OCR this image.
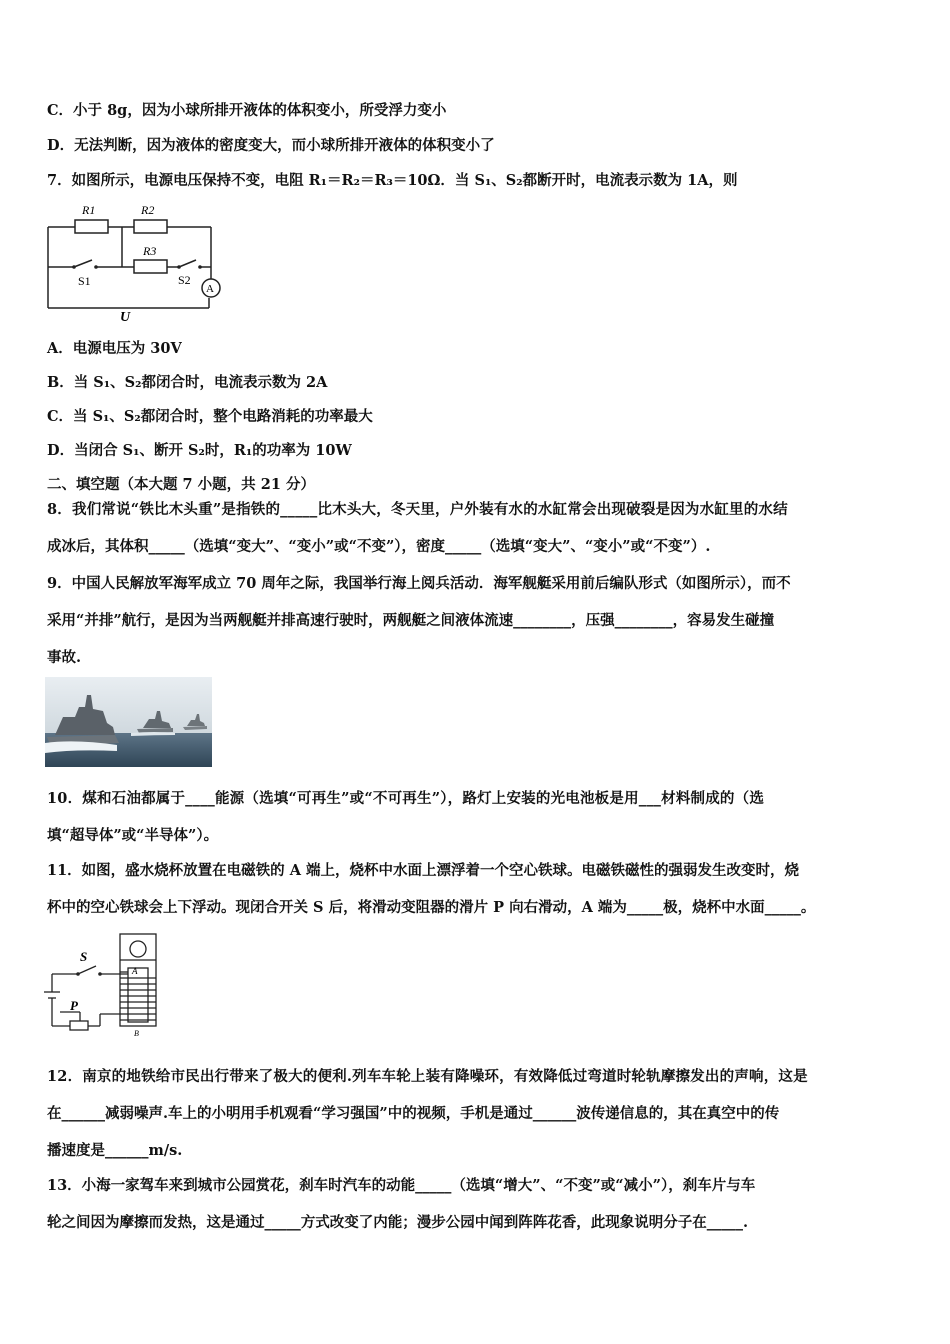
C．小于 8g，因为小球所排开液体的体积变小，所受浮力变小
D．无法判断，因为液体的密度变大，而小球所排开液体的体积变小了
7．如图所示，电源电压保持不变，电阻 R₁＝R₂＝R₃＝10Ω．当 S₁、S₂都断开时，电流表示数为 1A，则
R1	R2
R3
S1	S2
A
U
A．电源电压为 30V
B．当 S₁、S₂都闭合时，电流表示数为 2A
C．当 S₁、S₂都闭合时，整个电路消耗的功率最大
D．当闭合 S₁、断开 S₂时，R₁的功率为 10W
二、填空题（本大题 7 小题，共 21 分）
8．我们常说“铁比木头重”是指铁的_____比木头大，冬天里，户外装有水的水缸常会出现破裂是因为水缸里的水结
成冰后，其体积_____（选填“变大”、“变小”或“不变”），密度_____（选填“变大”、“变小”或“不变”）.
9．中国人民解放军海军成立 70 周年之际，我国举行海上阅兵活动．海军舰艇采用前后编队形式（如图所示），而不
采用“并排”航行，是因为当两舰艇并排高速行驶时，两舰艇之间液体流速________，压强________，容易发生碰撞
事故.
10．煤和石油都属于____能源（选填“可再生”或“不可再生”），路灯上安装的光电池板是用___材料制成的（选
填“超导体”或“半导体”）。
11．如图，盛水烧杯放置在电磁铁的 A 端上，烧杯中水面上漂浮着一个空心铁球。电磁铁磁性的强弱发生改变时，烧
杯中的空心铁球会上下浮动。现闭合开关 S 后，将滑动变阻器的滑片 P 向右滑动，A 端为_____极，烧杯中水面_____。
S
P
A
B
12．南京的地铁给市民出行带来了极大的便利.列车车轮上装有降噪环，有效降低过弯道时轮轨摩擦发出的声响，这是
在______减弱噪声.车上的小明用手机观看“学习强国”中的视频，手机是通过______波传递信息的，其在真空中的传
播速度是______m/s.
13．小海一家驾车来到城市公园赏花，刹车时汽车的动能_____（选填“增大”、“不变”或“减小”），刹车片与车
轮之间因为摩擦而发热，这是通过_____方式改变了内能；漫步公园中闻到阵阵花香，此现象说明分子在_____.
